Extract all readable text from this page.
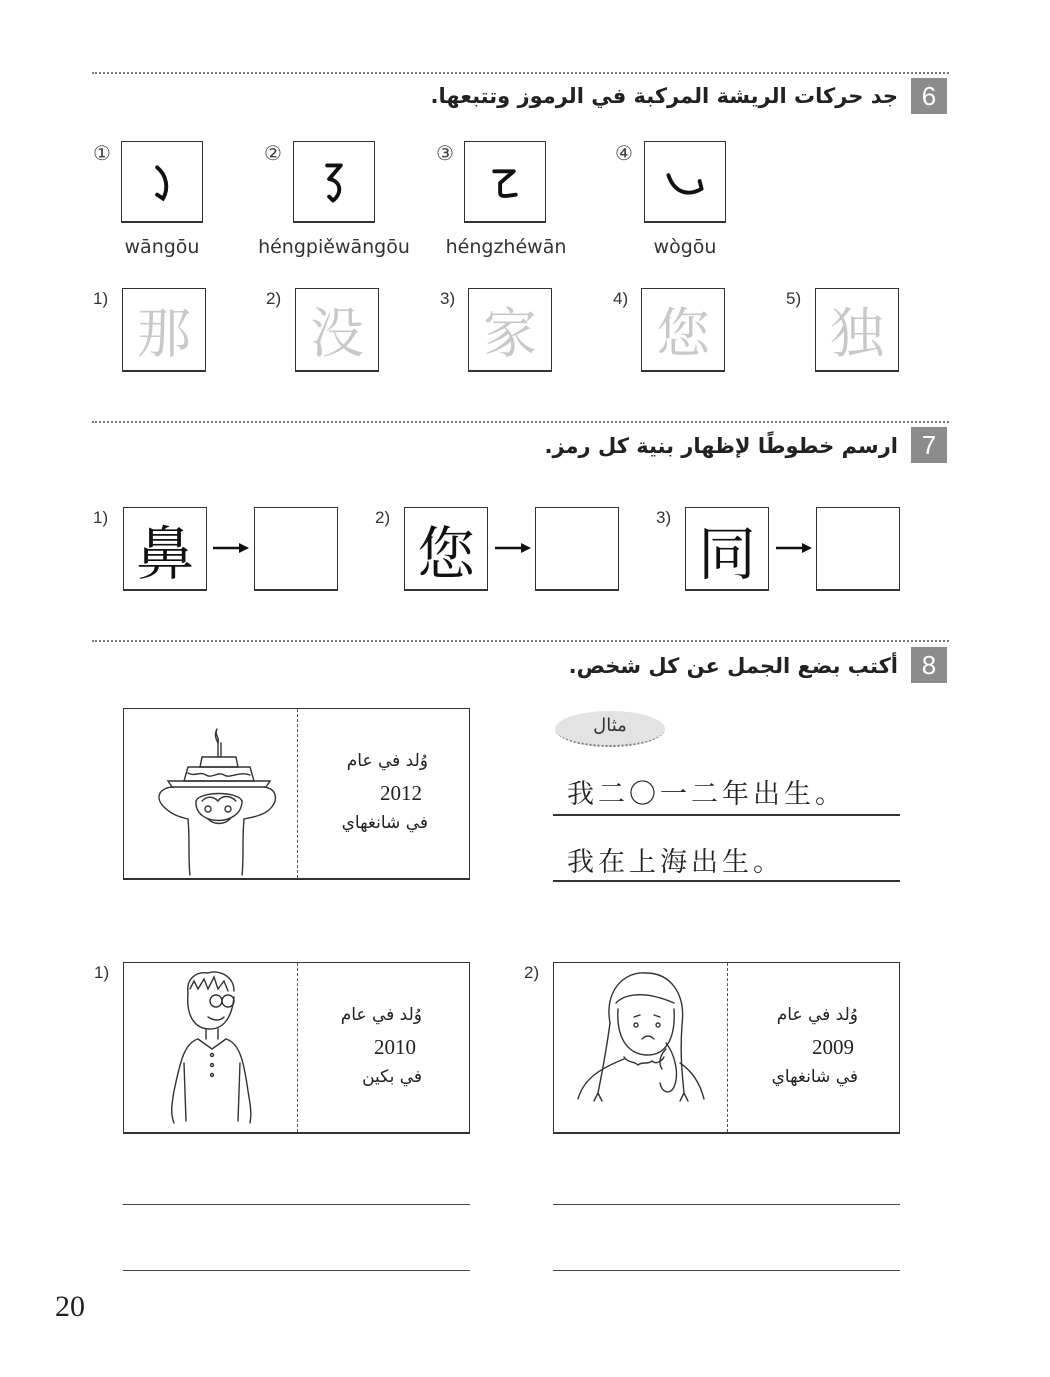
جد حركات الريشة المركبة في الرموز وتتبعها. 6
①
wāngōu
②
héngpiěwāngōu
③
héngzhéwān
④
wògōu
1)
那
2)
没
3)
家
4)
您
5)
独
ارسم خطوطًا لإظهار بنية كل رمز. 7
1)
鼻
2)
您
3)
同
أكتب بضع الجمل عن كل شخص. 8
وُلد في عام
2012
في شانغهاي
مثال
我二〇一二年出生。
我在上海出生。
1)
وُلد في عام
2010
في بكين
2)
وُلد في عام
2009
في شانغهاي
20
